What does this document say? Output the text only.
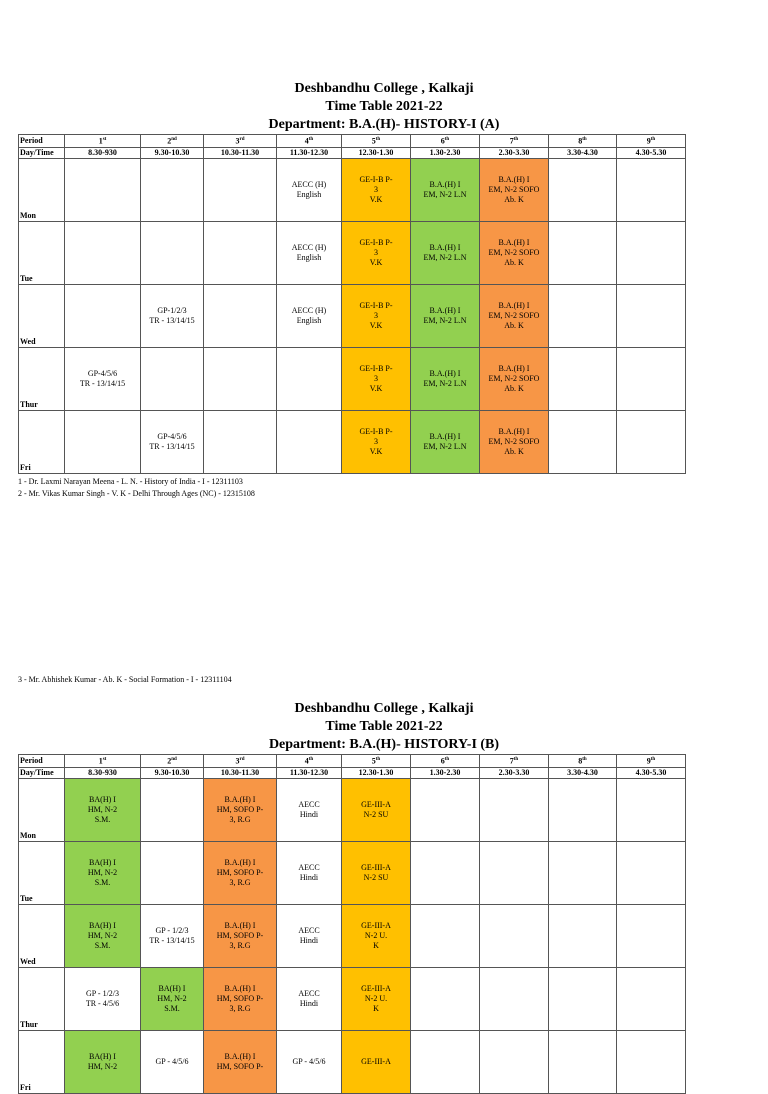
Deshbandhu College , Kalkaji
Time Table 2021-22
Department: B.A.(H)- HISTORY-I (A)
Period	1st	2nd	3rd	4th	5th	6th	7th	8th	9th
Day/Time	8.30-930	9.30-10.30	10.30-11.30	11.30-12.30	12.30-1.30	1.30-2.30	2.30-3.30	3.30-4.30	4.30-5.30
Mon				AECC (H)
English	GE-I-B P-
3
V.K	B.A.(H) I
EM, N-2 L.N	B.A.(H) I
EM, N-2 SOFO
Ab. K		

Tue				AECC (H)
English	GE-I-B P-
3
V.K	B.A.(H) I
EM, N-2 L.N	B.A.(H) I
EM, N-2 SOFO
Ab. K		

Wed		GP-1/2/3
TR - 13/14/15		AECC (H)
English	GE-I-B P-
3
V.K	B.A.(H) I
EM, N-2 L.N	B.A.(H) I
EM, N-2 SOFO
Ab. K		

Thur	GP-4/5/6
TR - 13/14/15				GE-I-B P-
3
V.K	B.A.(H) I
EM, N-2 L.N	B.A.(H) I
EM, N-2 SOFO
Ab. K		

Fri		GP-4/5/6
TR - 13/14/15			GE-I-B P-
3
V.K	B.A.(H) I
EM, N-2 L.N	B.A.(H) I
EM, N-2 SOFO
Ab. K		

1 - Dr. Laxmi Narayan Meena - L. N. - History of India - I - 12311103
2 - Mr. Vikas Kumar Singh - V. K - Delhi Through Ages (NC) - 12315108
3 - Mr. Abhishek Kumar - Ab. K - Social Formation - I - 12311104
Deshbandhu College , Kalkaji
Time Table 2021-22
Department: B.A.(H)- HISTORY-I (B)
Period	1st	2nd	3rd	4th	5th	6th	7th	8th	9th
Day/Time	8.30-930	9.30-10.30	10.30-11.30	11.30-12.30	12.30-1.30	1.30-2.30	2.30-3.30	3.30-4.30	4.30-5.30
Mon	BA(H) I
HM, N-2
S.M.		B.A.(H) I
HM, SOFO P-
3, R.G	AECC
Hindi	GE-III-A
N-2 SU				

Tue	BA(H) I
HM, N-2
S.M.		B.A.(H) I
HM, SOFO P-
3, R.G	AECC
Hindi	GE-III-A
N-2 SU				

Wed	BA(H) I
HM, N-2
S.M.	GP - 1/2/3
TR - 13/14/15	B.A.(H) I
HM, SOFO P-
3, R.G	AECC
Hindi	GE-III-A
N-2 U.
K				

Thur	GP - 1/2/3
TR - 4/5/6	BA(H) I
HM, N-2
S.M.	B.A.(H) I
HM, SOFO P-
3, R.G	AECC
Hindi	GE-III-A
N-2 U.
K				

Fri	BA(H) I
HM, N-2	GP - 4/5/6	B.A.(H) I
HM, SOFO P-	GP - 4/5/6	GE-III-A				
